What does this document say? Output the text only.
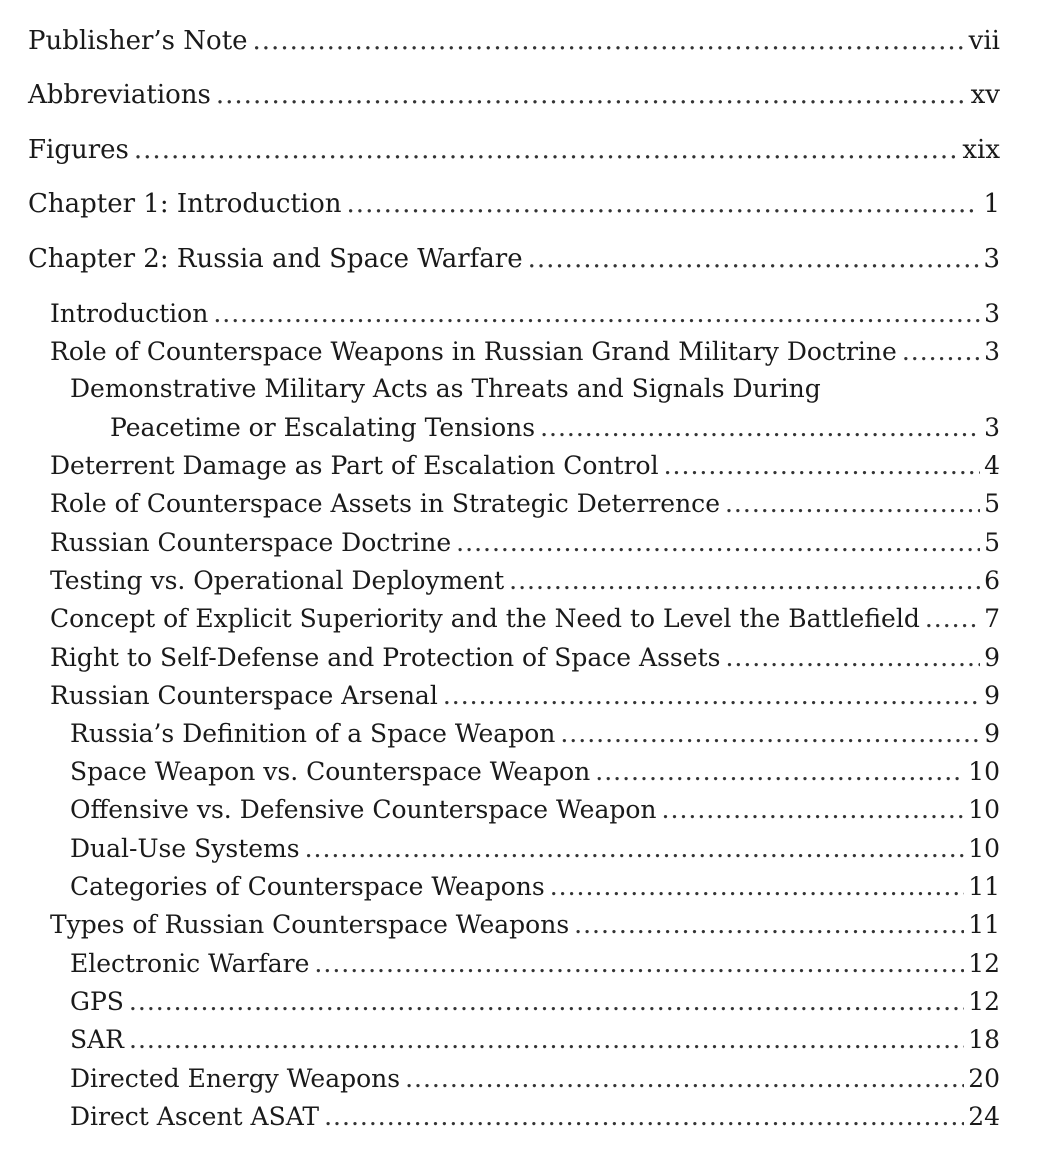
Publisher’s Note .....	vii
Abbreviations .....	xv
Figures .....	xix
Chapter 1: Introduction .....	1
Chapter 2: Russia and Space Warfare .....	3
Introduction .....	3
Role of Counterspace Weapons in Russian Grand Military Doctrine .....	3
Demonstrative Military Acts as Threats and Signals During
Peacetime or Escalating Tensions .....	3
Deterrent Damage as Part of Escalation Control .....	4
Role of Counterspace Assets in Strategic Deterrence .....	5
Russian Counterspace Doctrine .....	5
Testing vs. Operational Deployment .....	6
Concept of Explicit Superiority and the Need to Level the Battlefield .....	7
Right to Self-Defense and Protection of Space Assets .....	9
Russian Counterspace Arsenal .....	9
Russia’s Definition of a Space Weapon .....	9
Space Weapon vs. Counterspace Weapon .....	10
Offensive vs. Defensive Counterspace Weapon .....	10
Dual-Use Systems .....	10
Categories of Counterspace Weapons .....	11
Types of Russian Counterspace Weapons .....	11
Electronic Warfare .....	12
GPS .....	12
SAR .....	18
Directed Energy Weapons .....	20
Direct Ascent ASAT .....	24
